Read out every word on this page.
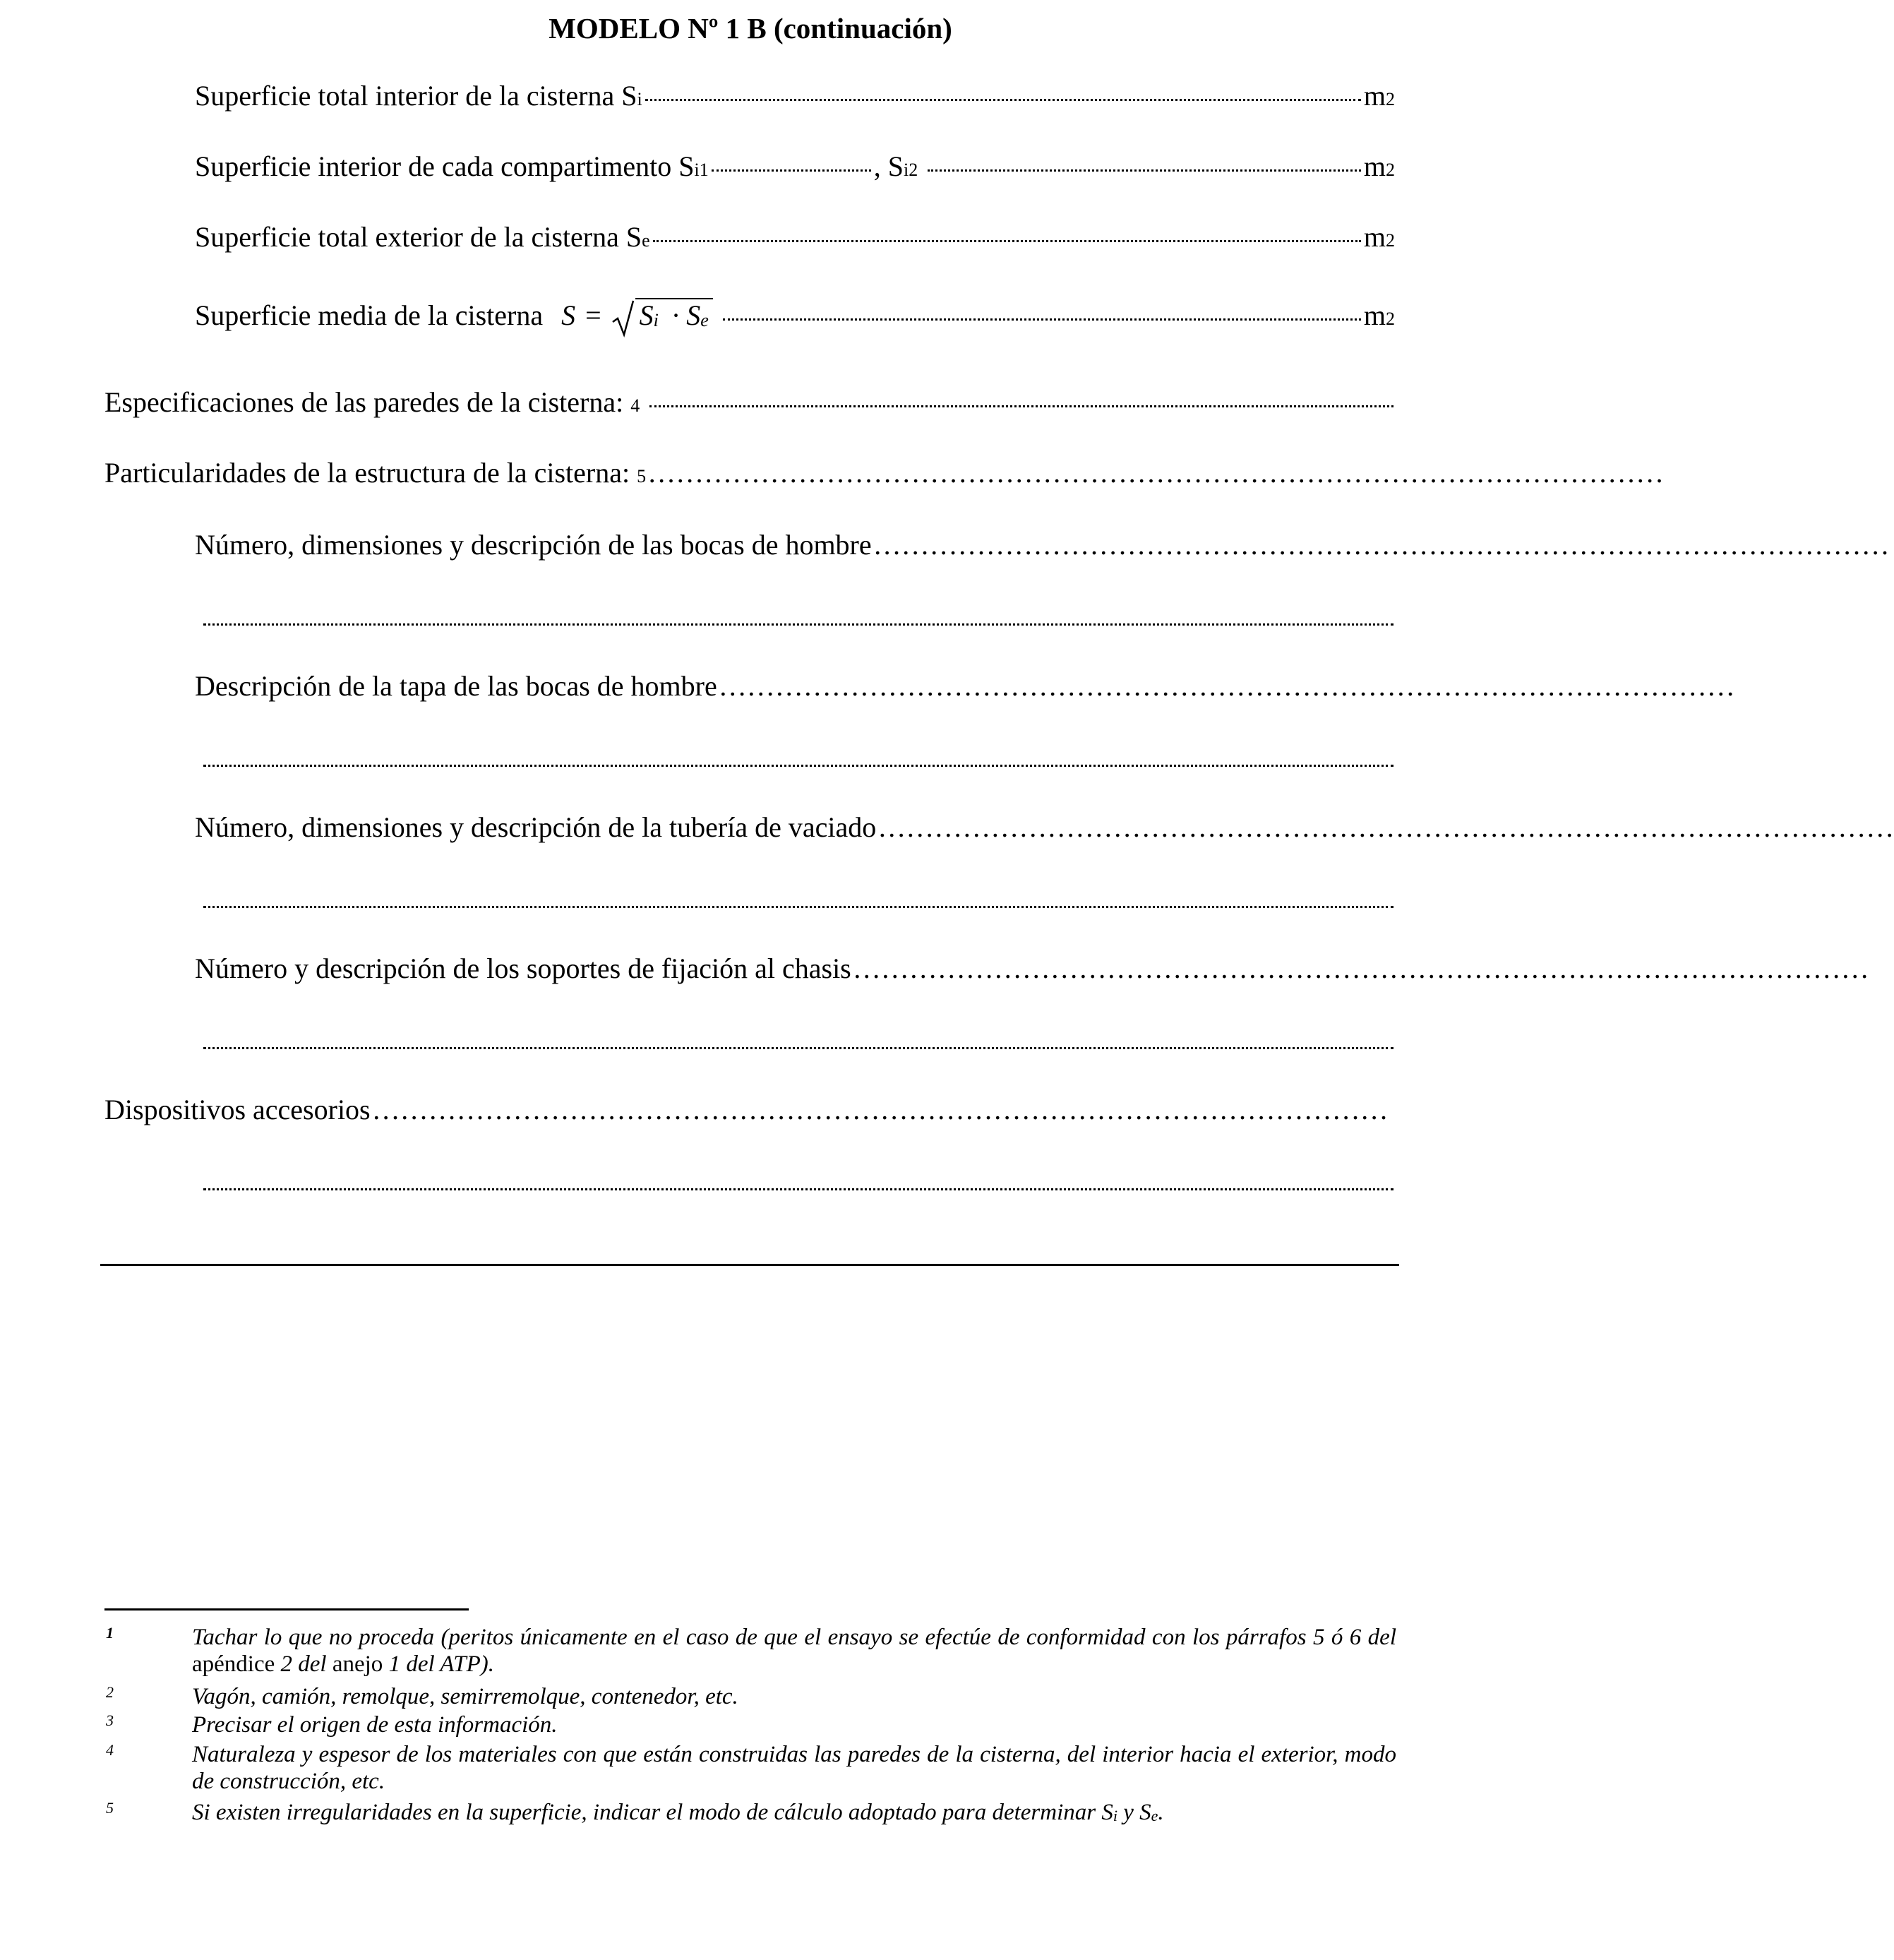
MODELO Nº 1 B (continuación)
Superficie total interior de la cisterna S i	m 2
Superficie interior de cada compartimento S i1	, S i2	m 2
Superficie total exterior de la cisterna S e	m 2
Superficie media de la cisterna S = Si · Se	m 2
Especificaciones de las paredes de la cisterna:
4
Particularidades de la estructura de la cisterna:
5 ………………………………………………………………………………………………
Número, dimensiones y descripción de las bocas de hombre ………………………………………………………………………………………………
Descripción de la tapa de las bocas de hombre ………………………………………………………………………………………………
Número, dimensiones y descripción de la tubería de vaciado ………………………………………………………………………………………………
Número y descripción de los soportes de fijación al chasis ………………………………………………………………………………………………
Dispositivos accesorios ………………………………………………………………………………………………
1	Tachar lo que no proceda (peritos únicamente en el caso de que el ensayo se efectúe de conformidad con los párrafos 5 ó 6 del apéndice 2 del anejo 1 del ATP).
2	Vagón, camión, remolque, semirremolque, contenedor, etc.
3	Precisar el origen de esta información.
4	Naturaleza y espesor de los materiales con que están construidas las paredes de la cisterna, del interior hacia el exterior, modo de construcción, etc.
5	Si existen irregularidades en la superficie, indicar el modo de cálculo adoptado para determinar Si y Se.
